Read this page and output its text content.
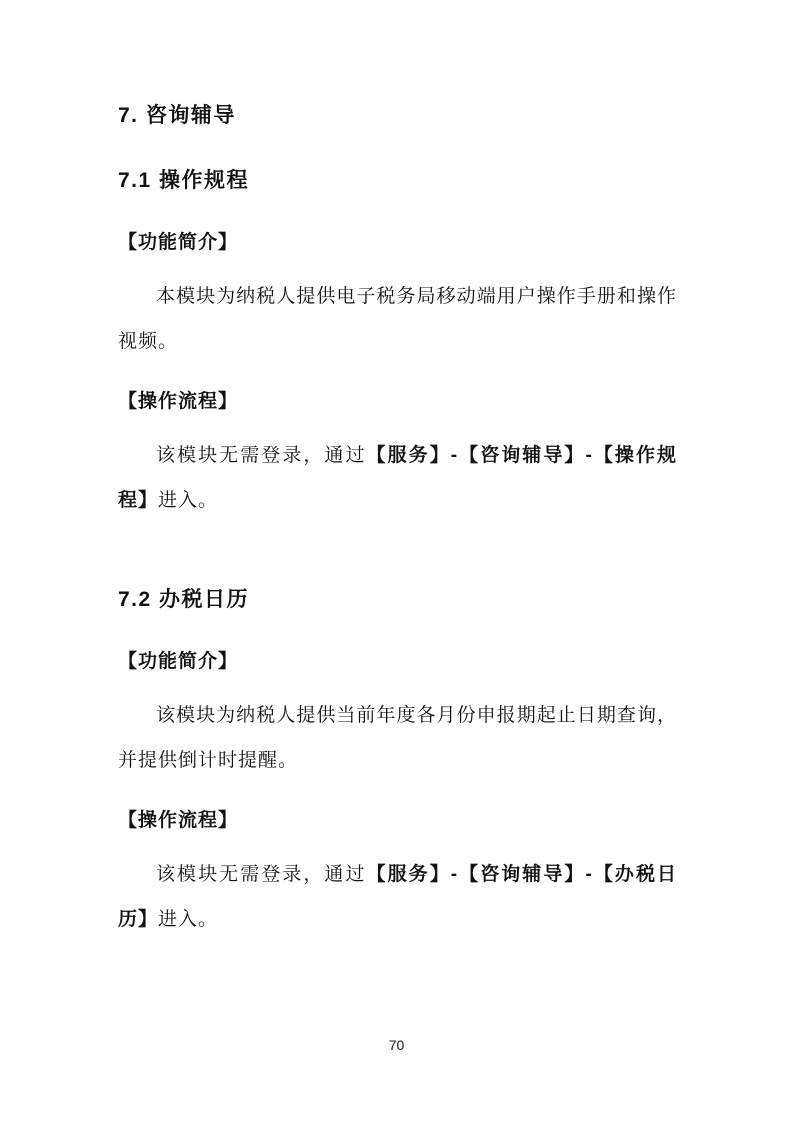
7. 咨询辅导
7.1 操作规程
【功能简介】

本模块为纳税人提供电子税务局移动端用户操作手册和操作视频。

【操作流程】

该模块无需登录，通过【服务】-【咨询辅导】-【操作规程】进入。

7.2 办税日历
【功能简介】

该模块为纳税人提供当前年度各月份申报期起止日期查询，并提供倒计时提醒。

【操作流程】

该模块无需登录，通过【服务】-【咨询辅导】-【办税日历】进入。

70
